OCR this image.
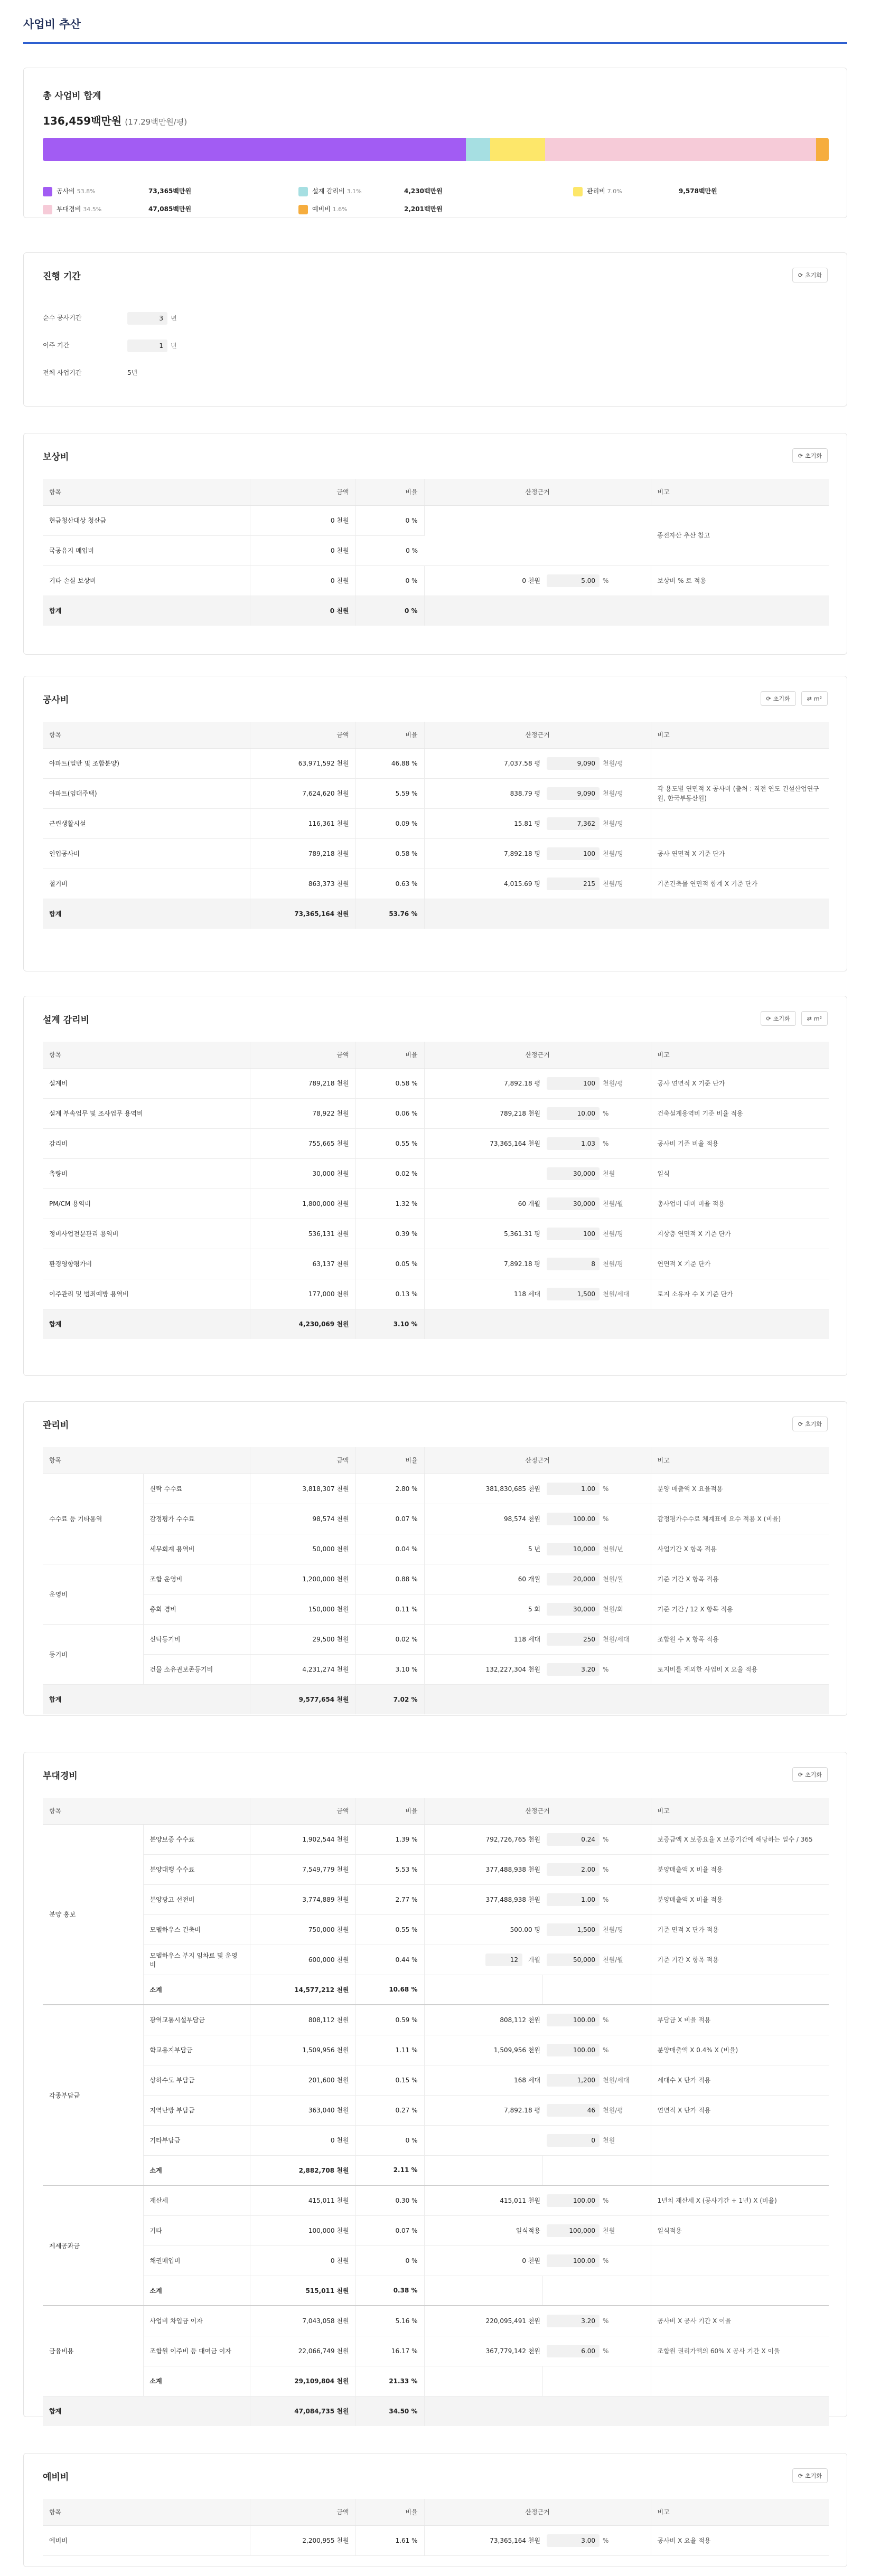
사업비 추산
총 사업비 합계
136,459백만원 (17.29백만원/평)
공사비 53.8%	73,365백만원	설계 감리비 3.1%	4,230백만원	관리비 7.0%	9,578백만원
부대경비 34.5%	47,085백만원	예비비 1.6%	2,201백만원
진행 기간	⟳ 초기화
순수 공사기간	3 년
이주 기간	1 년
전체 사업기간	5년
보상비	⟳ 초기화
항목	금액	비율	산정근거		비고
현금청산대상 청산금	0 천원	0 %			종전자산 추산 참고
국공유지 매입비	0 천원	0 %			
기타 손실 보상비	0 천원	0 %	0 천원	5.00 %	보상비 % 로 적용
합계	0 천원	0 %			
공사비	⟳ 초기화	⇄ m²
항목	금액	비율	산정근거		비고
아파트(일반 및 조합분양)	63,971,592 천원	46.88 %	7,037.58 평	9,090 천원/평	
아파트(임대주택)	7,624,620 천원	5.59 %	838.79 평	9,090 천원/평	각 용도별 연면적 X 공사비 (출처 : 직전 연도 건설산업연구원, 한국부동산원)
근린생활시설	116,361 천원	0.09 %	15.81 평	7,362 천원/평	
인입공사비	789,218 천원	0.58 %	7,892.18 평	100 천원/평	공사 연면적 X 기준 단가
철거비	863,373 천원	0.63 %	4,015.69 평	215 천원/평	기존건축물 연면적 합계 X 기준 단가
합계	73,365,164 천원	53.76 %			
설계 감리비	⟳ 초기화	⇄ m²
항목	금액	비율	산정근거		비고
설계비	789,218 천원	0.58 %	7,892.18 평	100 천원/평	공사 연면적 X 기준 단가
설계 부속업무 및 조사업무 용역비	78,922 천원	0.06 %	789,218 천원	10.00 %	건축설계용역비 기준 비율 적용
감리비	755,665 천원	0.55 %	73,365,164 천원	1.03 %	공사비 기준 비율 적용
측량비	30,000 천원	0.02 %		30,000 천원	일식
PM/CM 용역비	1,800,000 천원	1.32 %	60 개월	30,000 천원/월	총사업비 대비 비율 적용
정비사업전문관리 용역비	536,131 천원	0.39 %	5,361.31 평	100 천원/평	지상층 연면적 X 기준 단가
환경영향평가비	63,137 천원	0.05 %	7,892.18 평	8 천원/평	연면적 X 기준 단가
이주관리 및 범죄예방 용역비	177,000 천원	0.13 %	118 세대	1,500 천원/세대	토지 소유자 수 X 기준 단가
합계	4,230,069 천원	3.10 %			
관리비	⟳ 초기화
항목		금액	비율	산정근거		비고
수수료 등 기타용역	신탁 수수료	3,818,307 천원	2.80 %	381,830,685 천원	1.00 %	분양 매출액 X 요율적용
	감정평가 수수료	98,574 천원	0.07 %	98,574 천원	100.00 %	감정평가수수료 체계표에 요수 적용 X (비율)
	세무회계 용역비	50,000 천원	0.04 %	5 년	10,000 천원/년	사업기간 X 항목 적용
운영비	조합 운영비	1,200,000 천원	0.88 %	60 개월	20,000 천원/월	기준 기간 X 항목 적용
	총회 경비	150,000 천원	0.11 %	5 회	30,000 천원/회	기준 기간 / 12 X 항목 적용
등기비	신탁등기비	29,500 천원	0.02 %	118 세대	250 천원/세대	조합원 수 X 항목 적용
	건물 소유권보존등기비	4,231,274 천원	3.10 %	132,227,304 천원	3.20 %	토지비를 제외한 사업비 X 요율 적용
합계		9,577,654 천원	7.02 %			
부대경비	⟳ 초기화
항목		금액	비율	산정근거		비고
분양 홍보	분양보증 수수료	1,902,544 천원	1.39 %	792,726,765 천원	0.24 %	보증금액 X 보증요율 X 보증기간에 해당하는 일수 / 365
	분양대행 수수료	7,549,779 천원	5.53 %	377,488,938 천원	2.00 %	분양매출액 X 비율 적용
	분양광고 선전비	3,774,889 천원	2.77 %	377,488,938 천원	1.00 %	분양매출액 X 비율 적용
	모델하우스 건축비	750,000 천원	0.55 %	500.00 평	1,500 천원/평	기준 면적 X 단가 적용
	모델하우스 부지 임차료 및 운영비	600,000 천원	0.44 %	12 개월	50,000 천원/월	기준 기간 X 항목 적용
	소계	14,577,212 천원	10.68 %			
각종부담금	광역교통시설부담금	808,112 천원	0.59 %	808,112 천원	100.00 %	부담금 X 비율 적용
	학교용지부담금	1,509,956 천원	1.11 %	1,509,956 천원	100.00 %	분양매출액 X 0.4% X (비율)
	상하수도 부담금	201,600 천원	0.15 %	168 세대	1,200 천원/세대	세대수 X 단가 적용
	지역난방 부담금	363,040 천원	0.27 %	7,892.18 평	46 천원/평	연면적 X 단가 적용
	기타부담금	0 천원	0 %		0 천원	
	소계	2,882,708 천원	2.11 %			
제세공과금	재산세	415,011 천원	0.30 %	415,011 천원	100.00 %	1년치 재산세 X (공사기간 + 1년) X (비율)
	기타	100,000 천원	0.07 %	일식적용	100,000 천원	일식적용
	채권매입비	0 천원	0 %	0 천원	100.00 %	
	소계	515,011 천원	0.38 %			
금융비용	사업비 차입금 이자	7,043,058 천원	5.16 %	220,095,491 천원	3.20 %	공사비 X 공사 기간 X 이율
	조합원 이주비 등 대여금 이자	22,066,749 천원	16.17 %	367,779,142 천원	6.00 %	조합원 권리가액의 60% X 공사 기간 X 이율
	소계	29,109,804 천원	21.33 %			
합계		47,084,735 천원	34.50 %			
예비비	⟳ 초기화
항목	금액	비율	산정근거		비고
예비비	2,200,955 천원	1.61 %	73,365,164 천원	3.00 %	공사비 X 요율 적용
